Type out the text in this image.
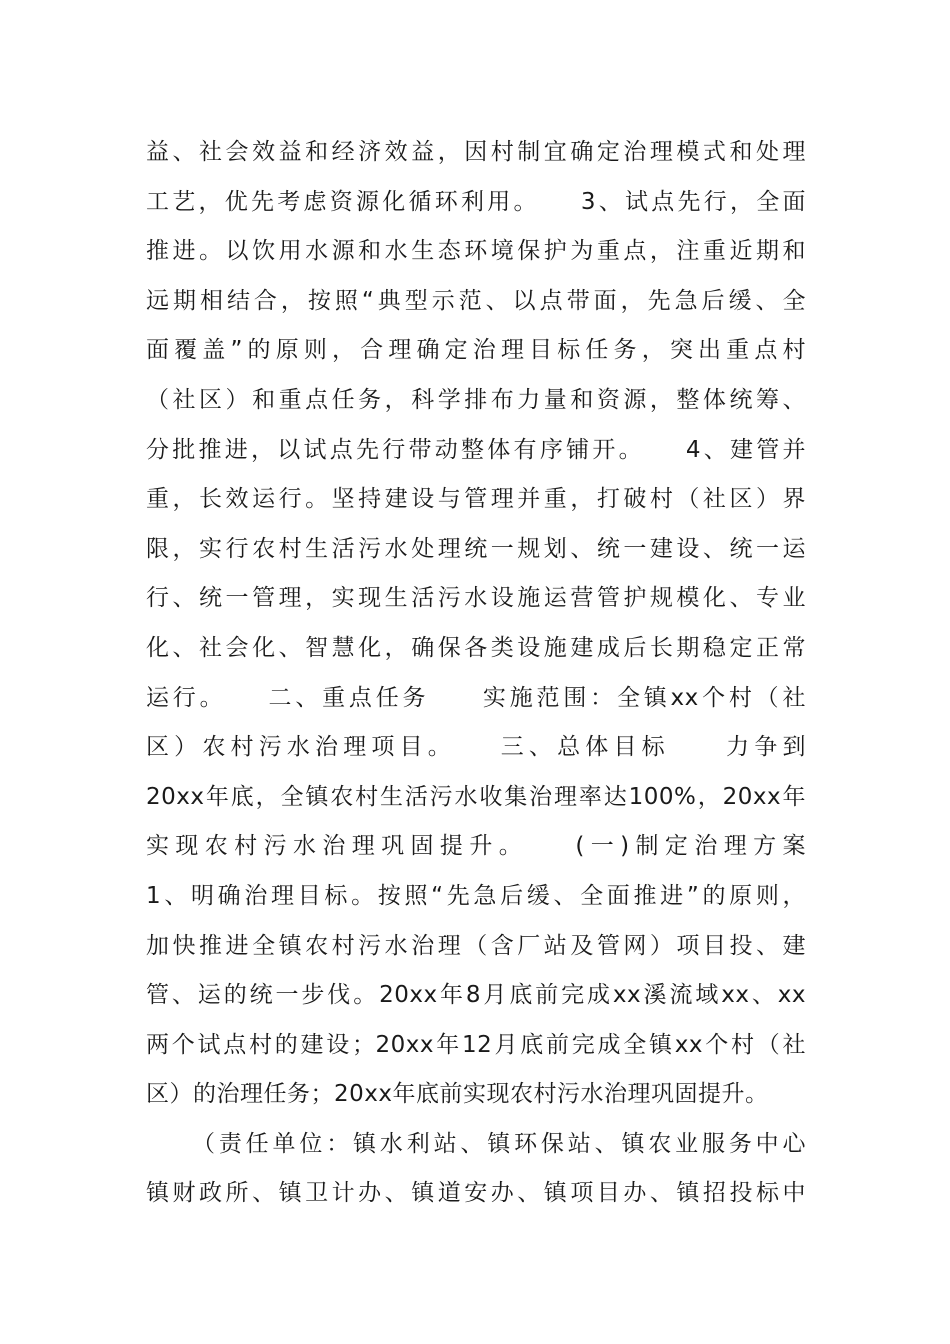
益、社会效益和经济效益，因村制宜确定治理模式和处理
工艺，优先考虑资源化循环利用。　　3、试点先行，全面
推进。以饮用水源和水生态环境保护为重点，注重近期和
远期相结合，按照“典型示范、以点带面，先急后缓、全
面覆盖”的原则，合理确定治理目标任务，突出重点村
（社区）和重点任务，科学排布力量和资源，整体统筹、
分批推进，以试点先行带动整体有序铺开。　　4、建管并
重，长效运行。坚持建设与管理并重，打破村（社区）界
限，实行农村生活污水处理统一规划、统一建设、统一运
行、统一管理，实现生活污水设施运营管护规模化、专业
化、社会化、智慧化，确保各类设施建成后长期稳定正常
运行。　　二、重点任务　　实施范围：全镇xx个村（社
区）农村污水治理项目。　　三、总体目标　　力争到
20xx年底，全镇农村生活污水收集治理率达100%，20xx年
实现农村污水治理巩固提升。　　(一)制定治理方案
1、明确治理目标。按照“先急后缓、全面推进”的原则，
加快推进全镇农村污水治理（含厂站及管网）项目投、建
管、运的统一步伐。20xx年8月底前完成xx溪流域xx、xx
两个试点村的建设；20xx年12月底前完成全镇xx个村（社
区）的治理任务；20xx年底前实现农村污水治理巩固提升。
（责任单位：镇水利站、镇环保站、镇农业服务中心
镇财政所、镇卫计办、镇道安办、镇项目办、镇招投标中
